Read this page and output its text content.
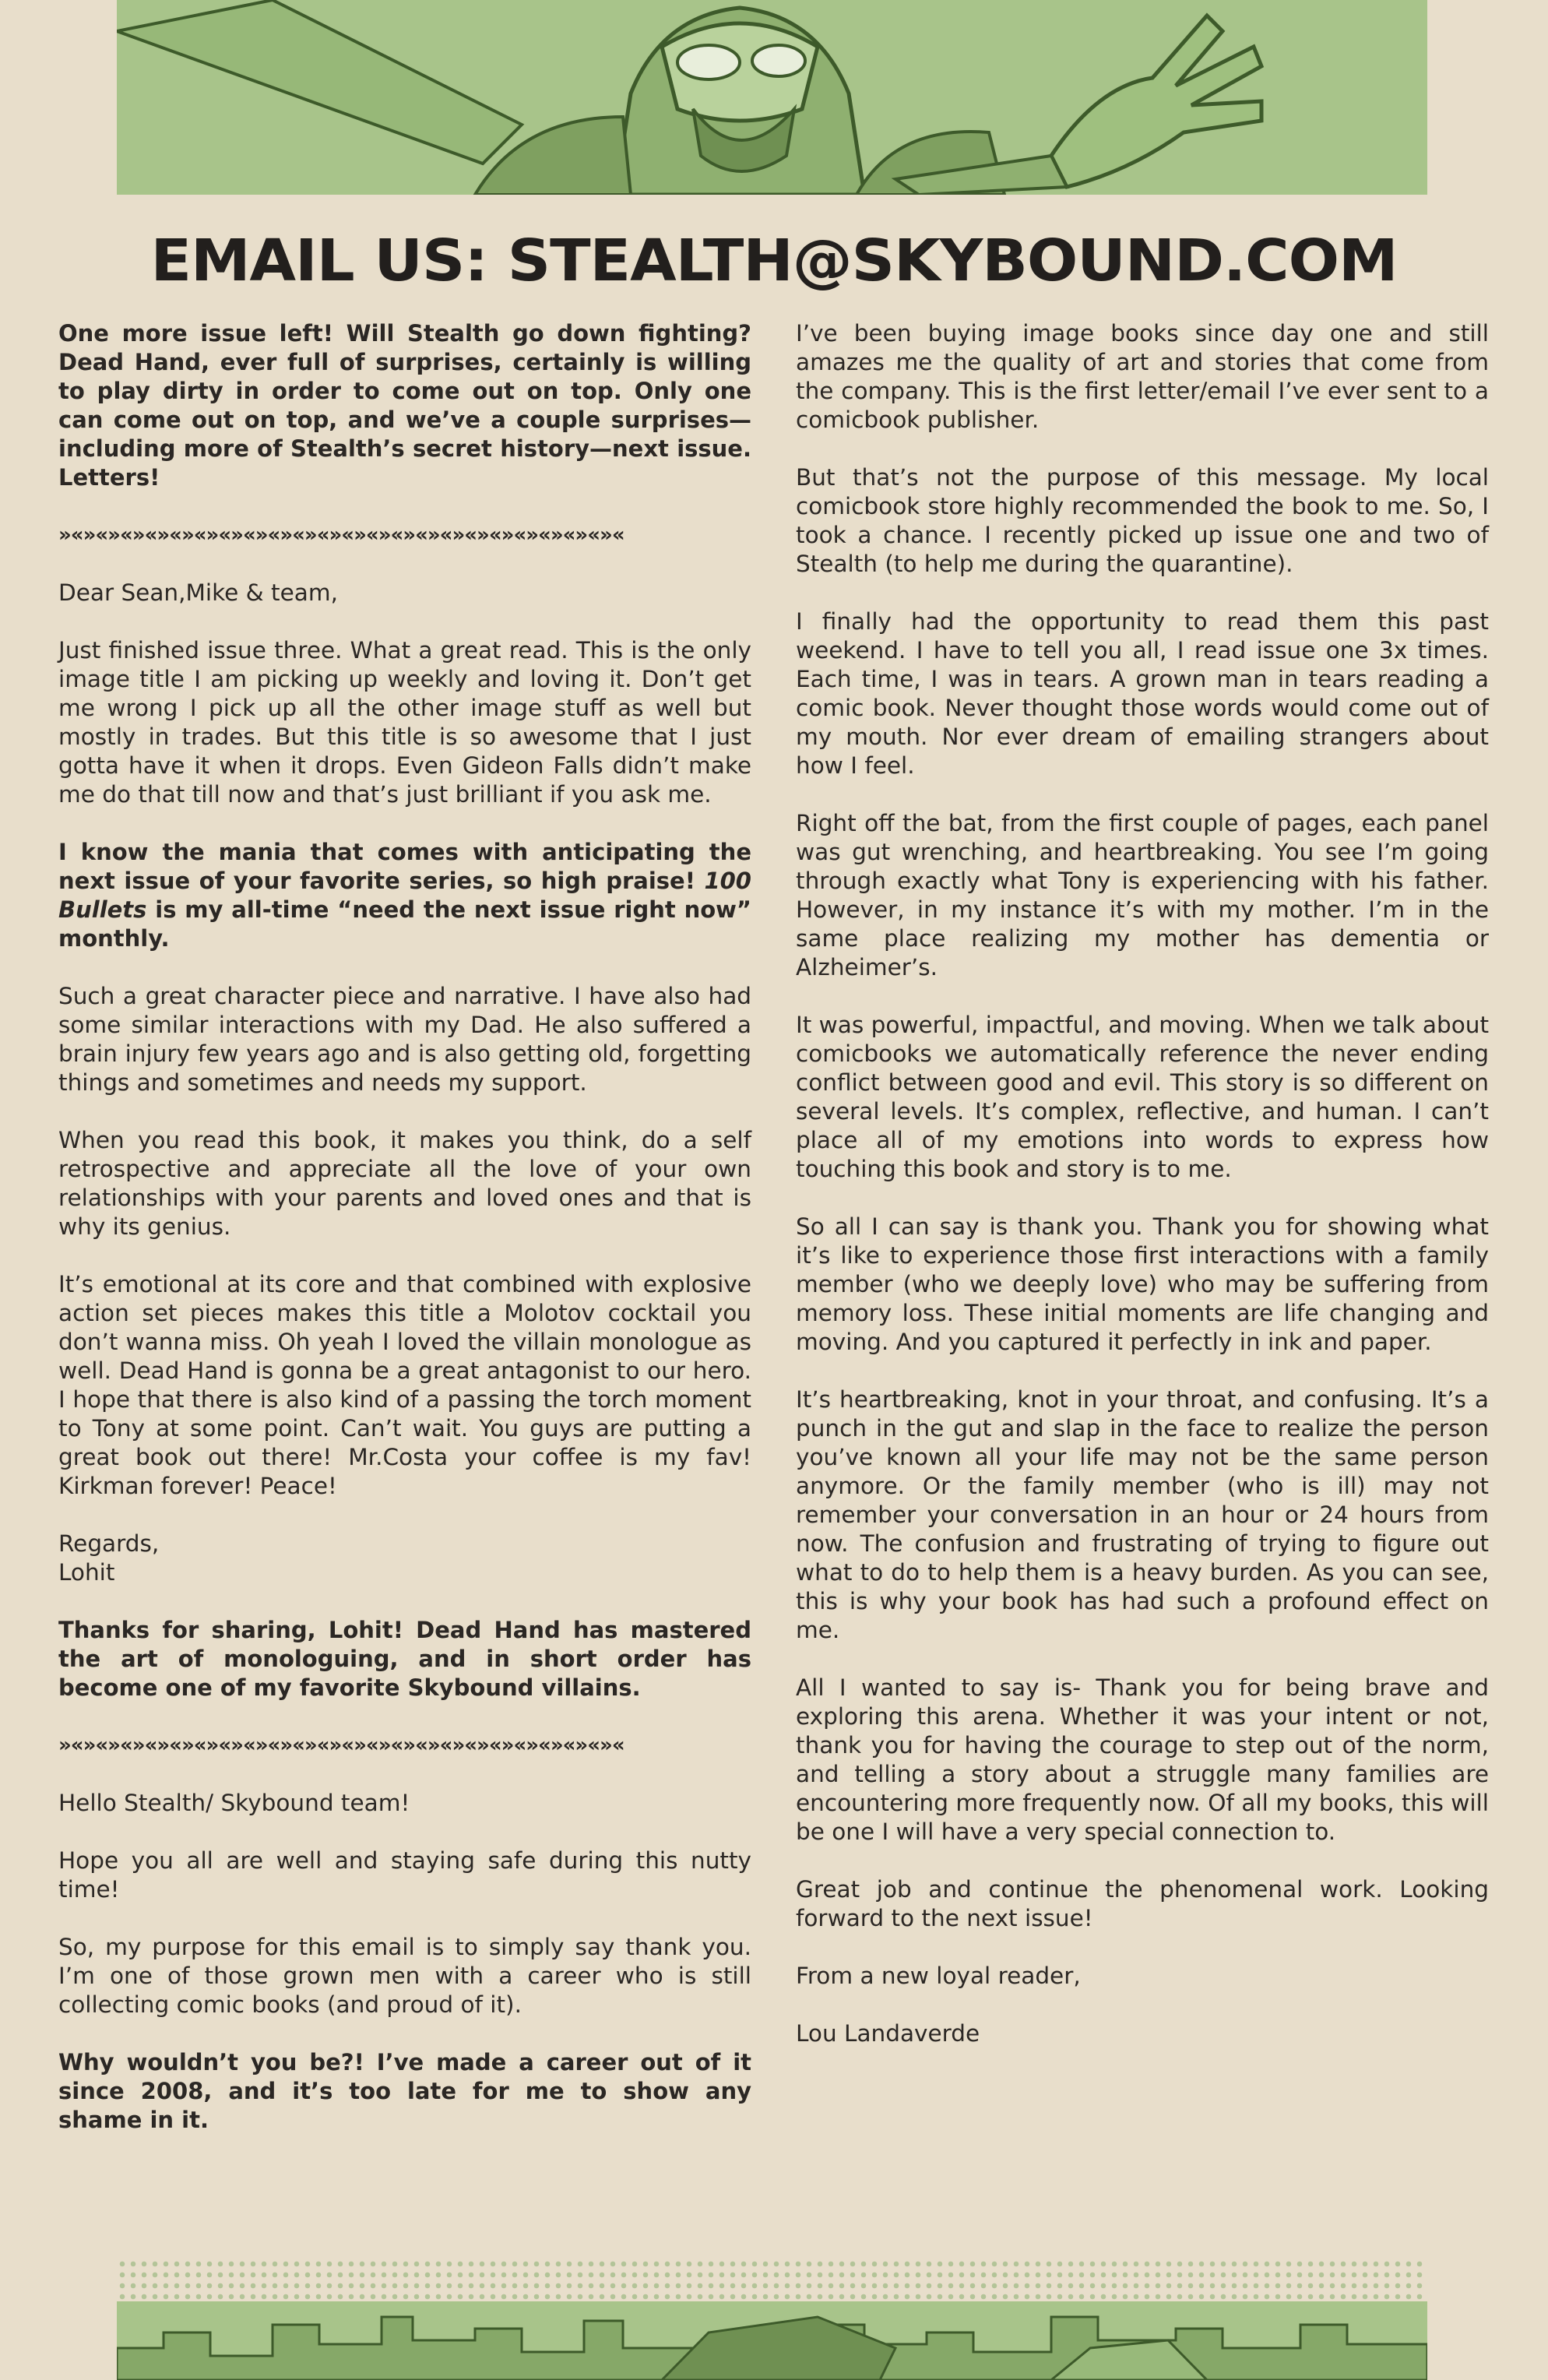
EMAIL US: STEALTH@SKYBOUND.COM

One more issue left! Will Stealth go down fighting? Dead Hand, ever full of surprises, certainly is willing to play dirty in order to come out on top. Only one can come out on top, and we’ve a couple surprises—including more of Stealth’s secret history—next issue. Letters!

»«»«»«»«»«»«»«»«»«»«»«»«»«»«»«»«»«»«»«»«»«»«»«

Dear Sean,Mike & team,

Just finished issue three. What a great read. This is the only image title I am picking up weekly and loving it. Don’t get me wrong I pick up all the other image stuff as well but mostly in trades. But this title is so awesome that I just gotta have it when it drops. Even Gideon Falls didn’t make me do that till now and that’s just brilliant if you ask me.

I know the mania that comes with anticipating the next issue of your favorite series, so high praise! 100 Bullets is my all-time “need the next issue right now” monthly.

Such a great character piece and narrative. I have also had some similar interactions with my Dad. He also suffered a brain injury few years ago and is also getting old, forgetting things and sometimes and needs my support.

When you read this book, it makes you think, do a self retrospective and appreciate all the love of your own relationships with your parents and loved ones and that is why its genius.

It’s emotional at its core and that combined with explosive action set pieces makes this title a Molotov cocktail you don’t wanna miss. Oh yeah I loved the villain monologue as well. Dead Hand is gonna be a great antagonist to our hero. I hope that there is also kind of a passing the torch moment to Tony at some point. Can’t wait. You guys are putting a great book out there! Mr.Costa your coffee is my fav! Kirkman forever! Peace!

Regards,
Lohit

Thanks for sharing, Lohit! Dead Hand has mastered the art of monologuing, and in short order has become one of my favorite Skybound villains.

»«»«»«»«»«»«»«»«»«»«»«»«»«»«»«»«»«»«»«»«»«»«»«

Hello Stealth/ Skybound team!

Hope you all are well and staying safe during this nutty time!

So, my purpose for this email is to simply say thank you. I’m one of those grown men with a career who is still collecting comic books (and proud of it).

Why wouldn’t you be?! I’ve made a career out of it since 2008, and it’s too late for me to show any shame in it.

I’ve been buying image books since day one and still amazes me the quality of art and stories that come from the company. This is the first letter/email I’ve ever sent to a comicbook publisher.

But that’s not the purpose of this message. My local comicbook store highly recommended the book to me. So, I took a chance. I recently picked up issue one and two of Stealth (to help me during the quarantine).

I finally had the opportunity to read them this past weekend. I have to tell you all, I read issue one 3x times. Each time, I was in tears. A grown man in tears reading a comic book. Never thought those words would come out of my mouth. Nor ever dream of emailing strangers about how I feel.

Right off the bat, from the first couple of pages, each panel was gut wrenching, and heartbreaking. You see I’m going through exactly what Tony is experiencing with his father. However, in my instance it’s with my mother. I’m in the same place realizing my mother has dementia or Alzheimer’s.

It was powerful, impactful, and moving. When we talk about comicbooks we automatically reference the never ending conflict between good and evil. This story is so different on several levels. It’s complex, reflective, and human. I can’t place all of my emotions into words to express how touching this book and story is to me.

So all I can say is thank you. Thank you for showing what it’s like to experience those first interactions with a family member (who we deeply love) who may be suffering from memory loss. These initial moments are life changing and moving. And you captured it perfectly in ink and paper.

It’s heartbreaking, knot in your throat, and confusing. It’s a punch in the gut and slap in the face to realize the person you’ve known all your life may not be the same person anymore. Or the family member (who is ill) may not remember your conversation in an hour or 24 hours from now. The confusion and frustrating of trying to figure out what to do to help them is a heavy burden. As you can see, this is why your book has had such a profound effect on me.

All I wanted to say is- Thank you for being brave and exploring this arena. Whether it was your intent or not, thank you for having the courage to step out of the norm, and telling a story about a struggle many families are encountering more frequently now. Of all my books, this will be one I will have a very special connection to.

Great job and continue the phenomenal work. Looking forward to the next issue!

From a new loyal reader,

Lou Landaverde
